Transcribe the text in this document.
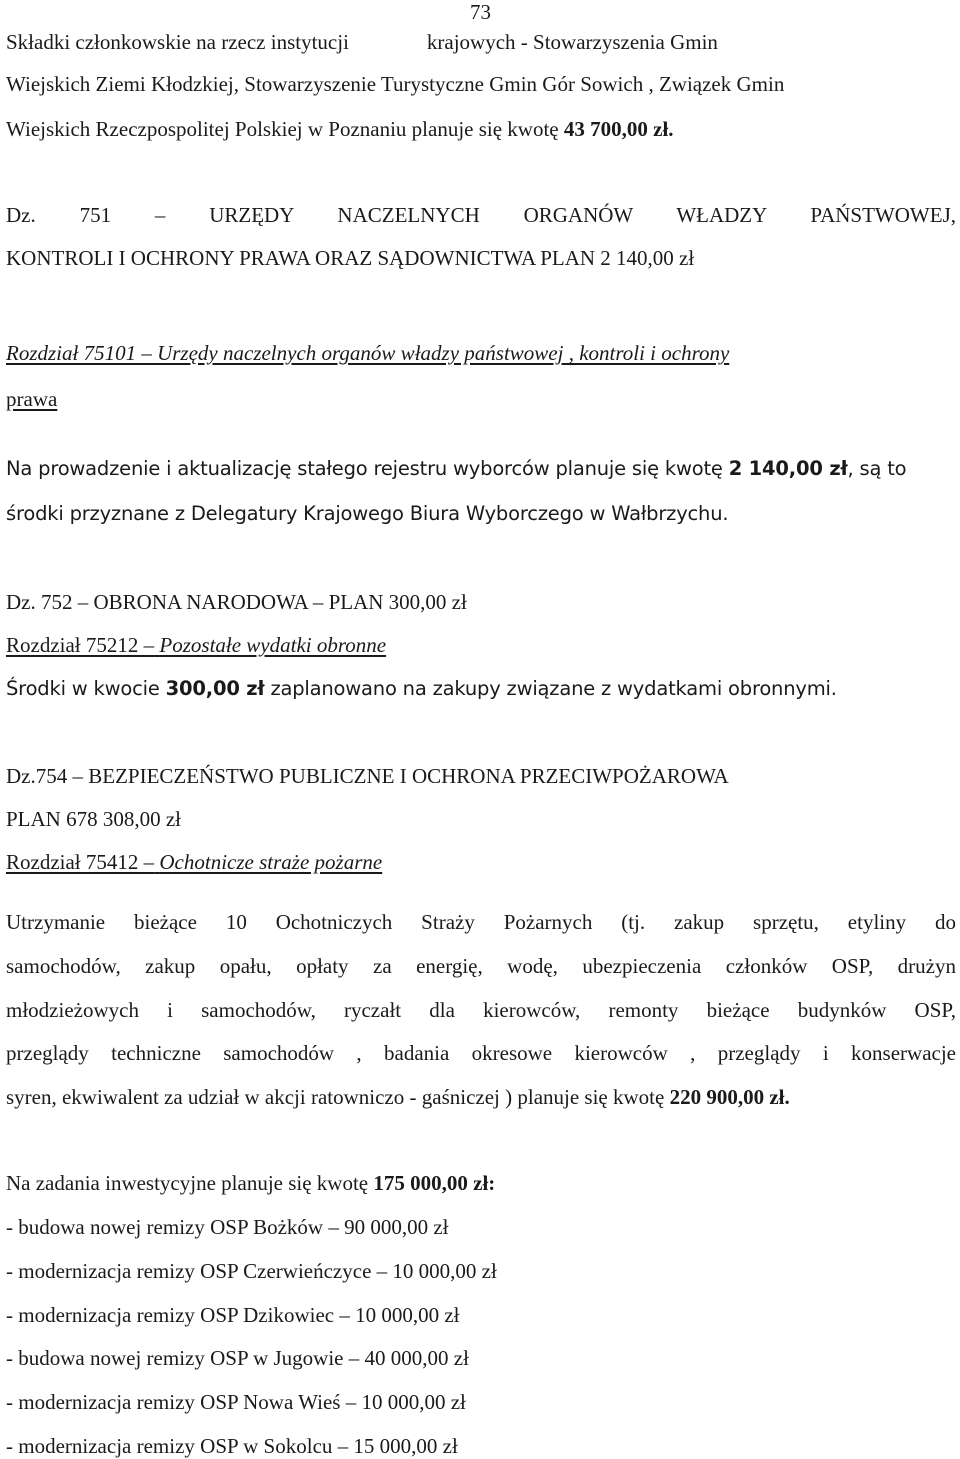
73
Składki członkowskie na rzecz instytucji	krajowych - Stowarzyszenia Gmin
Wiejskich Ziemi Kłodzkiej, Stowarzyszenie Turystyczne Gmin Gór Sowich , Związek Gmin
Wiejskich Rzeczpospolitej Polskiej w Poznaniu planuje się kwotę 43 700,00 zł.
Dz. 751 – URZĘDY NACZELNYCH ORGANÓW WŁADZY PAŃSTWOWEJ,
KONTROLI I OCHRONY PRAWA ORAZ SĄDOWNICTWA PLAN 2 140,00 zł
Rozdział 75101 – Urzędy naczelnych organów władzy państwowej , kontroli i ochrony
prawa
Na prowadzenie i aktualizację stałego rejestru wyborców planuje się kwotę 2 140,00 zł, są to
środki przyznane z Delegatury Krajowego Biura Wyborczego w Wałbrzychu.
Dz. 752 – OBRONA NARODOWA – PLAN 300,00 zł
Rozdział 75212 – Pozostałe wydatki obronne
Środki w kwocie 300,00 zł zaplanowano na zakupy związane z wydatkami obronnymi.
Dz.754 – BEZPIECZEŃSTWO PUBLICZNE I OCHRONA PRZECIWPOŻAROWA
PLAN 678 308,00 zł
Rozdział 75412 – Ochotnicze straże pożarne
Utrzymanie bieżące 10 Ochotniczych Straży Pożarnych (tj. zakup sprzętu, etyliny do
samochodów, zakup opału, opłaty za energię, wodę, ubezpieczenia członków OSP, drużyn
młodzieżowych i samochodów, ryczałt dla kierowców, remonty bieżące budynków OSP,
przeglądy techniczne samochodów , badania okresowe kierowców , przeglądy i konserwacje
syren, ekwiwalent za udział w akcji ratowniczo - gaśniczej ) planuje się kwotę 220 900,00 zł.
Na zadania inwestycyjne planuje się kwotę 175 000,00 zł:
- budowa nowej remizy OSP Bożków – 90 000,00 zł
- modernizacja remizy OSP Czerwieńczyce – 10 000,00 zł
- modernizacja remizy OSP Dzikowiec – 10 000,00 zł
- budowa nowej remizy OSP w Jugowie – 40 000,00 zł
- modernizacja remizy OSP Nowa Wieś – 10 000,00 zł
- modernizacja remizy OSP w Sokolcu – 15 000,00 zł
